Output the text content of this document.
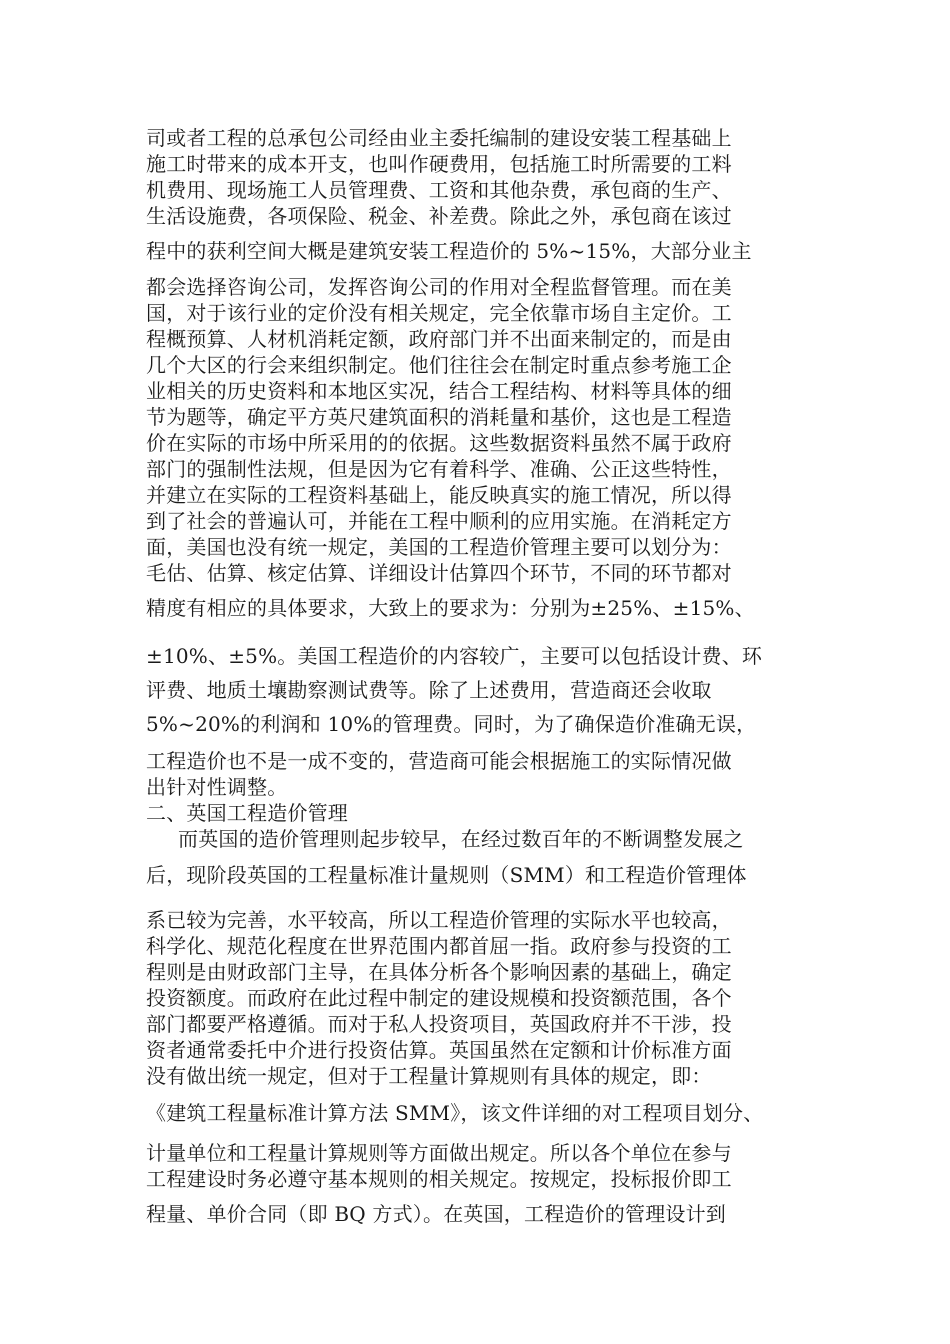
司或者工程的总承包公司经由业主委托编制的建设安装工程基础上
施工时带来的成本开支，也叫作硬费用，包括施工时所需要的工料
机费用、现场施工人员管理费、工资和其他杂费，承包商的生产、
生活设施费，各项保险、税金、补差费。除此之外，承包商在该过
程中的获利空间大概是建筑安装工程造价的 5%~15%，大部分业主
都会选择咨询公司，发挥咨询公司的作用对全程监督管理。而在美
国，对于该行业的定价没有相关规定，完全依靠市场自主定价。工
程概预算、人材机消耗定额，政府部门并不出面来制定的，而是由
几个大区的行会来组织制定。他们往往会在制定时重点参考施工企
业相关的历史资料和本地区实况，结合工程结构、材料等具体的细
节为题等，确定平方英尺建筑面积的消耗量和基价，这也是工程造
价在实际的市场中所采用的的依据。这些数据资料虽然不属于政府
部门的强制性法规，但是因为它有着科学、准确、公正这些特性，
并建立在实际的工程资料基础上，能反映真实的施工情况，所以得
到了社会的普遍认可，并能在工程中顺利的应用实施。在消耗定方
面，美国也没有统一规定，美国的工程造价管理主要可以划分为：
毛估、估算、核定估算、详细设计估算四个环节，不同的环节都对
精度有相应的具体要求，大致上的要求为：分别为±25%、±15%、
±10%、±5%。美国工程造价的内容较广，主要可以包括设计费、环
评费、地质土壤勘察测试费等。除了上述费用，营造商还会收取
5%~20%的利润和 10%的管理费。同时，为了确保造价准确无误，
工程造价也不是一成不变的，营造商可能会根据施工的实际情况做
出针对性调整。
二、英国工程造价管理
而英国的造价管理则起步较早，在经过数百年的不断调整发展之
后，现阶段英国的工程量标准计量规则（SMM）和工程造价管理体
系已较为完善，水平较高，所以工程造价管理的实际水平也较高，
科学化、规范化程度在世界范围内都首屈一指。政府参与投资的工
程则是由财政部门主导，在具体分析各个影响因素的基础上，确定
投资额度。而政府在此过程中制定的建设规模和投资额范围，各个
部门都要严格遵循。而对于私人投资项目，英国政府并不干涉，投
资者通常委托中介进行投资估算。英国虽然在定额和计价标准方面
没有做出统一规定，但对于工程量计算规则有具体的规定，即：
《建筑工程量标准计算方法 SMM》，该文件详细的对工程项目划分、
计量单位和工程量计算规则等方面做出规定。所以各个单位在参与
工程建设时务必遵守基本规则的相关规定。按规定，投标报价即工
程量、单价合同（即 BQ 方式）。在英国，工程造价的管理设计到
